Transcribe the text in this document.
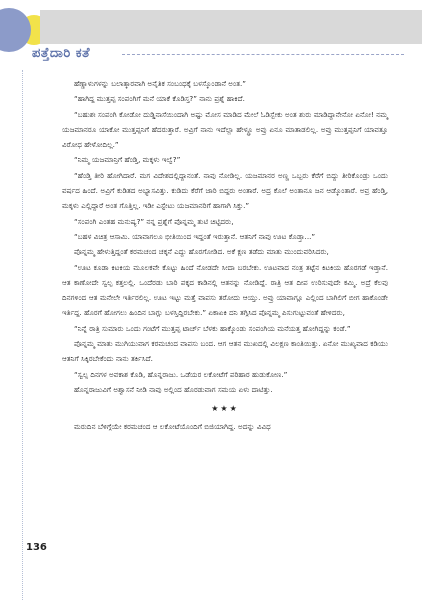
ಪತ್ತೆದಾರಿ ಕತೆ

ಹೆಣ್ಣಾಳುಗಳನ್ನು ಬಲಾತ್ಕಾರವಾಗಿ ಅನೈತಿಕ ಸಂಬಂಧಕ್ಕೆ ಬಳಸ್ಕೊಂಡಾನೆ ಅಂತ.”

“ಹಾಗಿದ್ದ ಮುತ್ತಪ್ಪ ಸಂಪಂಗಿಗೆ ಮನೆ ಯಾಕೆ ಕೊಡಿಸ್ತ?” ನಾನು ಪ್ರಶ್ನೆ ಹಾಕಿದೆ.

“ಬಹುಶಃ ಸಂಪಂಗಿ ಕೋಡೋ ದುಡ್ಡಿನಾಸೆಯಿಂದಾಗಿ ಅಷ್ಟು ಮೋಸ ಮಾಡಿದ ಮೇಲೆ ಓಡಿಸ್ಬೇಕು ಅಂತ ಶುರು ಮಾಡಿದ್ದಾನೇನೋ ಏನೋ! ನಮ್ಮ ಯಜಮಾನರೂ ಯಾಕೋ ಮುತ್ತಪ್ಪನಿಗೆ ಹೆದರುತ್ತಾರೆ. ಅವ್ರಿಗೆ ನಾನು ಇದೆಲ್ಲಾ ಹೇಳ್ದ್ರೂ ಅವ್ರು ಏನೂ ಮಾತಾಡಲಿಲ್ಲ. ಅವ್ರು ಮುತ್ತಪ್ಪನಿಗೆ ಯಾವತ್ತೂ ವಿರೋಧ ಹೇಳೋದಿಲ್ಲ.”

“ನಿಮ್ಮ ಯಜಮಾನ್ರಿಗೆ ಹೆಂಡ್ತಿ, ಮಕ್ಕಳು ಇಲ್ವೆ?”

“ಹೆಂಡ್ತಿ ತೀರಿ ಹೋಗಿದಾರೆ. ಮಗ ವಿದೇಶದಲ್ಲಿದ್ದಾನಂತೆ. ನಾವು ನೋಡಿಲ್ಲ. ಯಜಮಾನರ ಅಣ್ಣ ಒಬ್ಬರು ಕೆರೆಗೆ ಬಿದ್ದು ತೀರಿಕೊಂಡ್ರು ಒಂದು ವರ್ಷದ ಹಿಂದೆ. ಅವ್ರಿಗೆ ಕುಡಿತದ ಅಭ್ಯಾಸವಿತ್ತು. ಕುಡಿದು ಕೆರೆಗೆ ಜಾರಿ ಬಿದ್ದರು ಅಂತಾರೆ. ಅದ್ರ ಕೊಲೆ ಅಂತಾನೂ ಜನ ಆಡ್ಕೊಂತಾರೆ. ಅವ್ರ ಹೆಂಡ್ತಿ, ಮಕ್ಕಳು ಎಲ್ಲಿದ್ದಾರೆ ಅಂತ ಗೊತ್ತಿಲ್ಲ. ಇಡೀ ಎಸ್ಟೇಟು ಯಜಮಾನರಿಗೆ ಹಾಗಾಗಿ ಸಿಕ್ತು.”

“ಸಂಪಂಗಿ ಎಂತಹ ಮನುಷ್ಯ?” ನನ್ನ ಪ್ರಶ್ನೆಗೆ ಪೊನ್ನಮ್ಮ ತುಟಿ ಚಿಟ್ಟಿದರು,

“ಬಹಳ ವಿಚಿತ್ರ ಆಸಾಮಿ. ಯಾವಾಗಲೂ ಭೀತಿಯಿಂದ ಇದ್ದಂತೆ ಇರುತ್ತಾನೆ. ಆತನಿಗೆ ನಾವು ಊಟ ಕೊಡ್ತಾ...”

ಪೊನ್ನಮ್ಮ ಹೇಳುತ್ತಿದ್ದಂತೆ ಕರಮಚಂದ ಚಕ್ಕನೆ ಎದ್ದು ಹೊರಗೋಡಿದ. ಅಕೆ ಕ್ಷಣ ತಡೆದು ಮಾತು ಮುಂದುವರಿಸಿದರು,

“ಊಟ ಕೂಡಾ ಕಿಟಕಿಯ ಮೂಲಕವೇ ಕೊಟ್ಟು ಹಿಂದೆ ನೋಡದೇ ಸೀದಾ ಬರಬೇಕು. ಊಟವಾದ ನಂತ್ರ ತಟ್ಟೆನ ಕಿಟಕಿಯ ಹೊರಗಡೆ ಇಡ್ತಾನೆ. ಆತ ಕಾಣೋದೇ ಸ್ವಲ್ಪ ಕತ್ತಲಲ್ಲಿ. ಒಂದೆರಡು ಬಾರಿ ಪಕ್ಕದ ಕಾಡಿನಲ್ಲಿ ಆತನನ್ನು ನೋಡಿದ್ದೆ. ರಾತ್ರಿ ಆತ ದೀಪ ಉರಿಸುವುದೇ ಕಮ್ಮಿ. ಅದ್ರೆ ಕೆಲವು ದಿನಗಳಿಂದ ಆತ ಮನೇಲೇ ಇರ್ತಿರಲಿಲ್ಲ. ಊಟ ಇಟ್ಟು ಮತ್ತೆ ವಾಪಸು ತರೋದು ಆಯ್ತು. ಅವ್ರು ಯಾವಾಗ್ಲೂ ಎಲ್ಲಿಂದ ಬಾಗಿಲಿಗೆ ಬೀಗ ಹಾಕೊಂಡೇ ಇರ್ತಿದ್ದ. ಹೊರಗೆ ಹೋಗಲು ಹಿಂದಿನ ಬಾಗ್ಲು ಬಳಸ್ತಿದ್ದಿರಬೇಕು.” ಏಕಾಏಕಿ ದನಿ ತಗ್ಗಿಸಿದ ಪೊನ್ನಮ್ಮ ಪಿಸುಗುಟ್ಟುವಂತೆ ಹೇಳಿದರು,

“ನಿನ್ನೆ ರಾತ್ರಿ ಸುಮಾರು ಒಂದು ಗಂಟೆಗೆ ಮುತ್ತಪ್ಪ ಟಾರ್ಚ್ ಬೆಳಕು ಹಾಕ್ಕೊಂಡು ಸಂಪಂಗಿಯ ಮನೆಯತ್ತ ಹೋಗಿದ್ದನ್ನು ಕಂಡೆ.”

ಪೊನ್ನಮ್ಮ ಮಾತು ಮುಗಿಯುವಾಗ ಕರಮಚಂದ ವಾಪಸು ಬಂದ. ಆಗ ಆತನ ಮುಖದಲ್ಲಿ ವಿಲಕ್ಷಣ ಕಾಂತಿಯಿತ್ತು. ಏನೋ ಮುಖ್ಯವಾದ ಕಡಿಯು ಆತನಿಗೆ ಸಿಕ್ಕಿರಬೇಕೆಂದು ನಾನು ತರ್ಕಿಸಿದೆ.

“ಸ್ವಲ್ಪ ದಿನಗಳ ಅವಕಾಶ ಕೊಡಿ, ಹೊನ್ನರಾಜು. ಒಡೆಯರ ಲಕೋಟೆಗೆ ಪರಿಹಾರ ಹುಡುಕೋಣ.”

ಹೊನ್ನರಾಜುವಿಗೆ ಅಶ್ವಾಸನೆ ನೀಡಿ ನಾವು ಅಲ್ಲಿಂದ ಹೊರಡುವಾಗ ಸಮಯ ಏಳು ದಾಟಿತ್ತು.

★★★

ಮರುದಿನ ಬೆಳಿಗ್ಗೆಯೇ ಕರಮಚಂದ ಆ ಲಕೋಟೆಯೊಂದಿಗೆ ಬಿಜಿಯಾಗಿದ್ದ. ಅದನ್ನು ವಿವಿಧ

136
